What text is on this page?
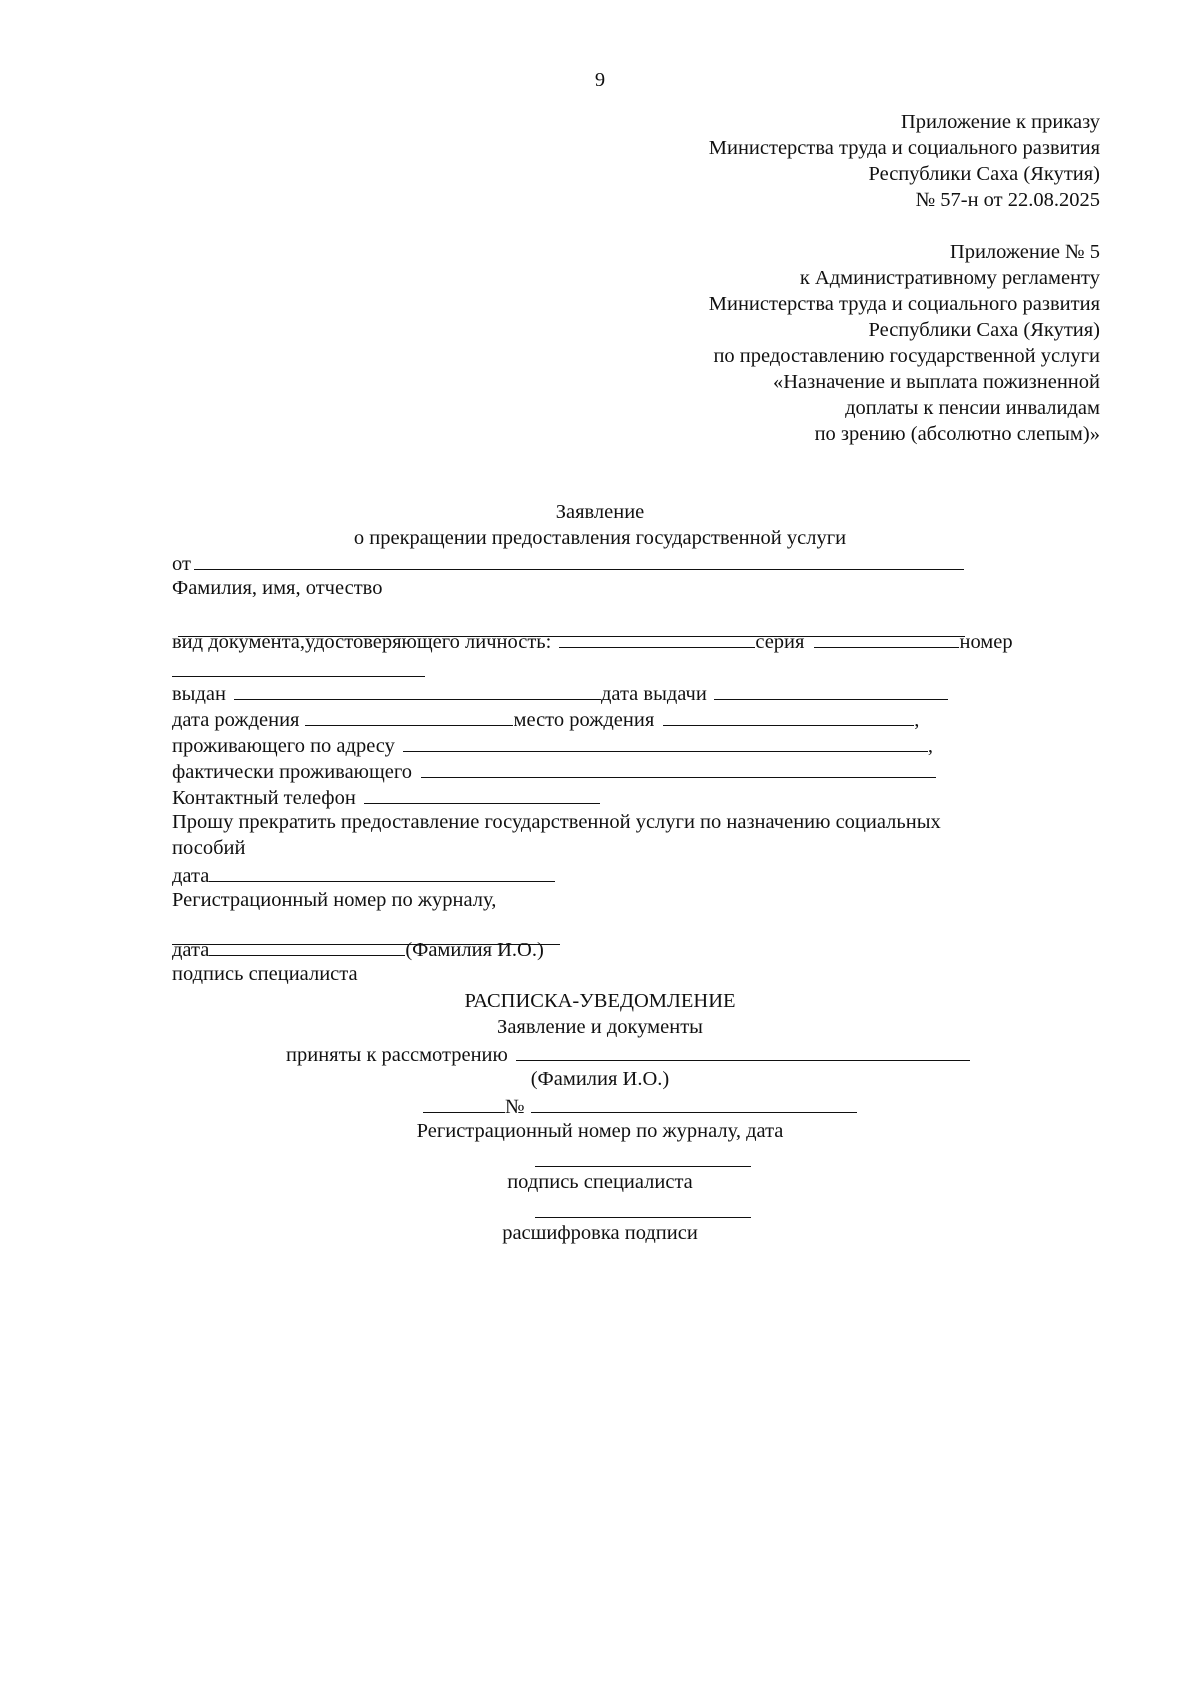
9
Приложение к приказу
Министерства труда и социального развития
Республики Саха (Якутия)
№ 57-н от 22.08.2025
Приложение № 5
к Административному регламенту
Министерства труда и социального развития
Республики Саха (Якутия)
по предоставлению государственной услуги
«Назначение и выплата пожизненной
доплаты к пенсии инвалидам
по зрению (абсолютно слепым)»
Заявление
о прекращении предоставления государственной услуги
от
Фамилия, имя, отчество
вид документа,удостоверяющего личность:	серия	номер
выдан	дата выдачи
дата рождения	место рождения	,
проживающего по адресу	,
фактически проживающего
Контактный телефон
Прошу прекратить предоставление государственной услуги по назначению социальных
пособий
дата
Регистрационный номер по журналу,
дата	(Фамилия И.О.)
подпись специалиста
РАСПИСКА-УВЕДОМЛЕНИЕ
Заявление и документы
приняты к рассмотрению
(Фамилия И.О.)
№
Регистрационный номер по журналу, дата
подпись специалиста
расшифровка подписи
